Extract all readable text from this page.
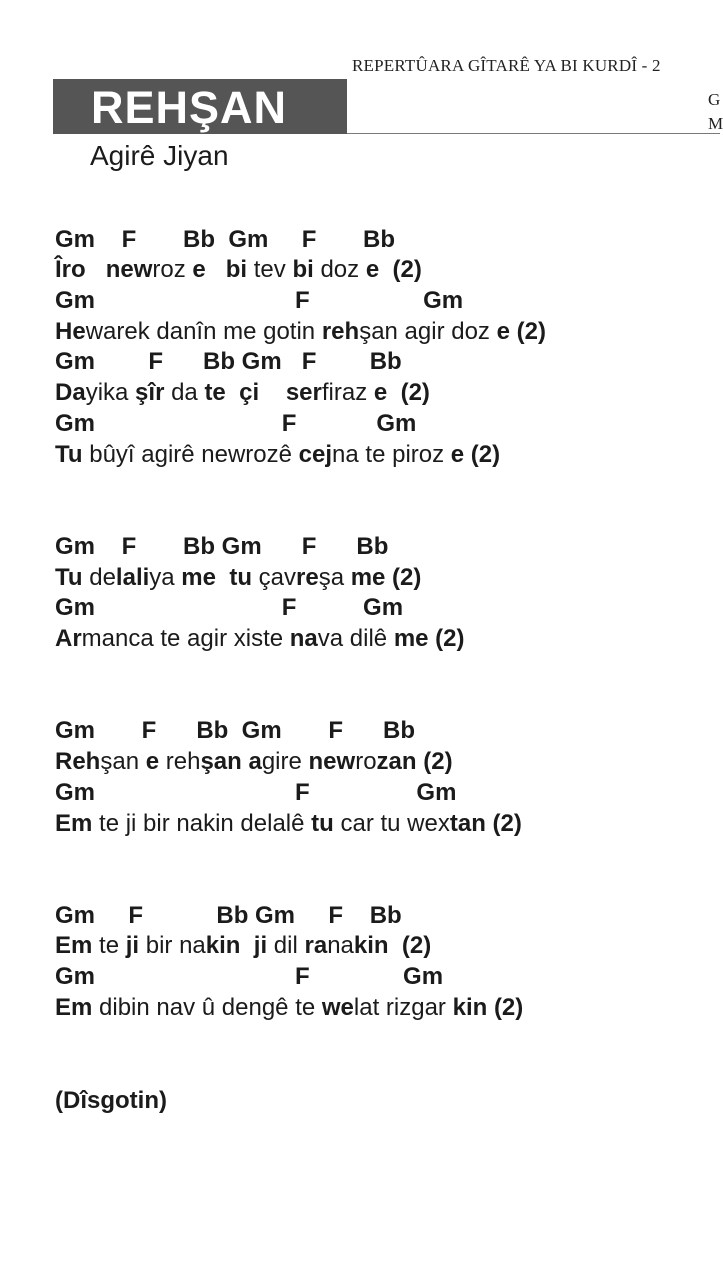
REPERTÛARA GÎTARÊ YA BI KURDÎ - 2
G
M
REHŞAN
Agirê Jiyan
Gm    F       Bb  Gm     F       Bb
Îro newroz e bi tev bi doz e (2)
Gm                              F                 Gm
Hewarek danîn me gotin rehşan agir doz e (2)
Gm        F      Bb Gm   F        Bb
Dayika şîr da te çi serfiraz e (2)
Gm                            F            Gm
Tu bûyî agirê newrozê cejna te piroz e (2)
Gm    F       Bb Gm      F      Bb
Tu delaliya me tu çavreşa me (2)
Gm                            F          Gm
Armanca te agir xiste nava dilê me (2)
Gm       F      Bb  Gm       F      Bb
Rehşan e rehşan agire newrozan (2)
Gm                              F                Gm
Em te ji bir nakin delalê tu car tu wextan (2)
Gm     F           Bb Gm     F    Bb
Em te ji bir nakin ji dil ranakin (2)
Gm                              F              Gm
Em dibin nav û dengê te welat rizgar kin (2)
(Dîsgotin)
